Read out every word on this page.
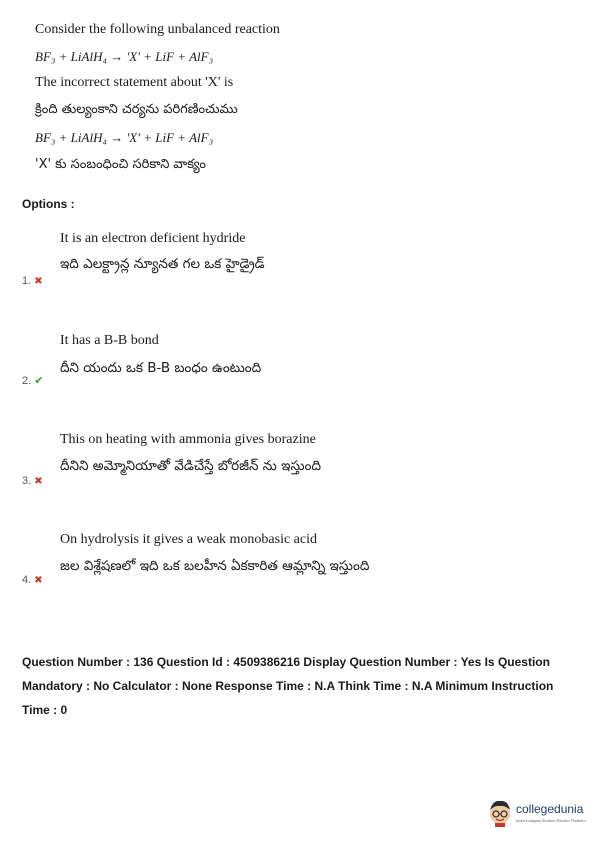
Consider the following unbalanced reaction
BF₃ + LiAlH₄ → 'X' + LiF + AlF₃
The incorrect statement about 'X' is
క్రింది తుల్యంకాని చర్యను పరిగణించుము
BF₃ + LiAlH₄ → 'X' + LiF + AlF₃
'X' కు సంబంధించి సరికాని వాక్యం
Options :
It is an electron deficient hydride
ఇది ఎలక్ట్రాన్ల న్యూనత గల ఒక హైడ్రైడ్
1. ✖
It has a B-B bond
దీని యందు ఒక B-B బంధం ఉంటుంది
2. ✔
This on heating with ammonia gives borazine
దీనిని అమ్మోనియాతో వేడిచేస్తే బోరజీన్ ను ఇస్తుంది
3. ✖
On hydrolysis it gives a weak monobasic acid
జల విశ్లేషణలో ఇది ఒక బలహీన ఏకకారిత ఆమ్లాన్ని ఇస్తుంది
4. ✖
Question Number : 136 Question Id : 4509386216 Display Question Number : Yes Is Question Mandatory : No Calculator : None Response Time : N.A Think Time : N.A Minimum Instruction Time : 0
collegedunia
India's largest Student Review Platform
